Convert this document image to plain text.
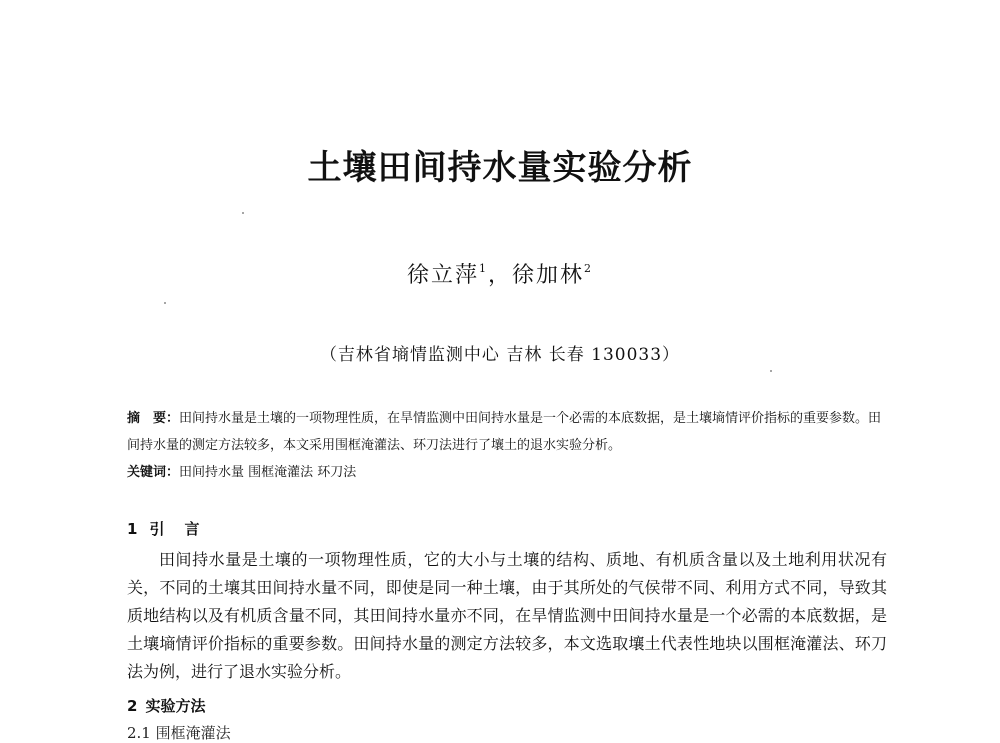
土壤田间持水量实验分析
徐立萍$^1$，徐加林$^2$
（吉林省墒情监测中心 吉林 长春 130033）
摘　要：田间持水量是土壤的一项物理性质，在旱情监测中田间持水量是一个必需的本底数据，是土壤墒情评价指标的重要参数。田间持水量的测定方法较多，本文采用围框淹灌法、环刀法进行了壤土的退水实验分析。
关键词：田间持水量 围框淹灌法 环刀法
1 引 言
田间持水量是土壤的一项物理性质，它的大小与土壤的结构、质地、有机质含量以及土地利用状况有关，不同的土壤其田间持水量不同，即使是同一种土壤，由于其所处的气侯带不同、利用方式不同，导致其质地结构以及有机质含量不同，其田间持水量亦不同，在旱情监测中田间持水量是一个必需的本底数据，是土壤墒情评价指标的重要参数。田间持水量的测定方法较多，本文选取壤土代表性地块以围框淹灌法、环刀法为例，进行了退水实验分析。
2 实验方法
2.1 围框淹灌法
